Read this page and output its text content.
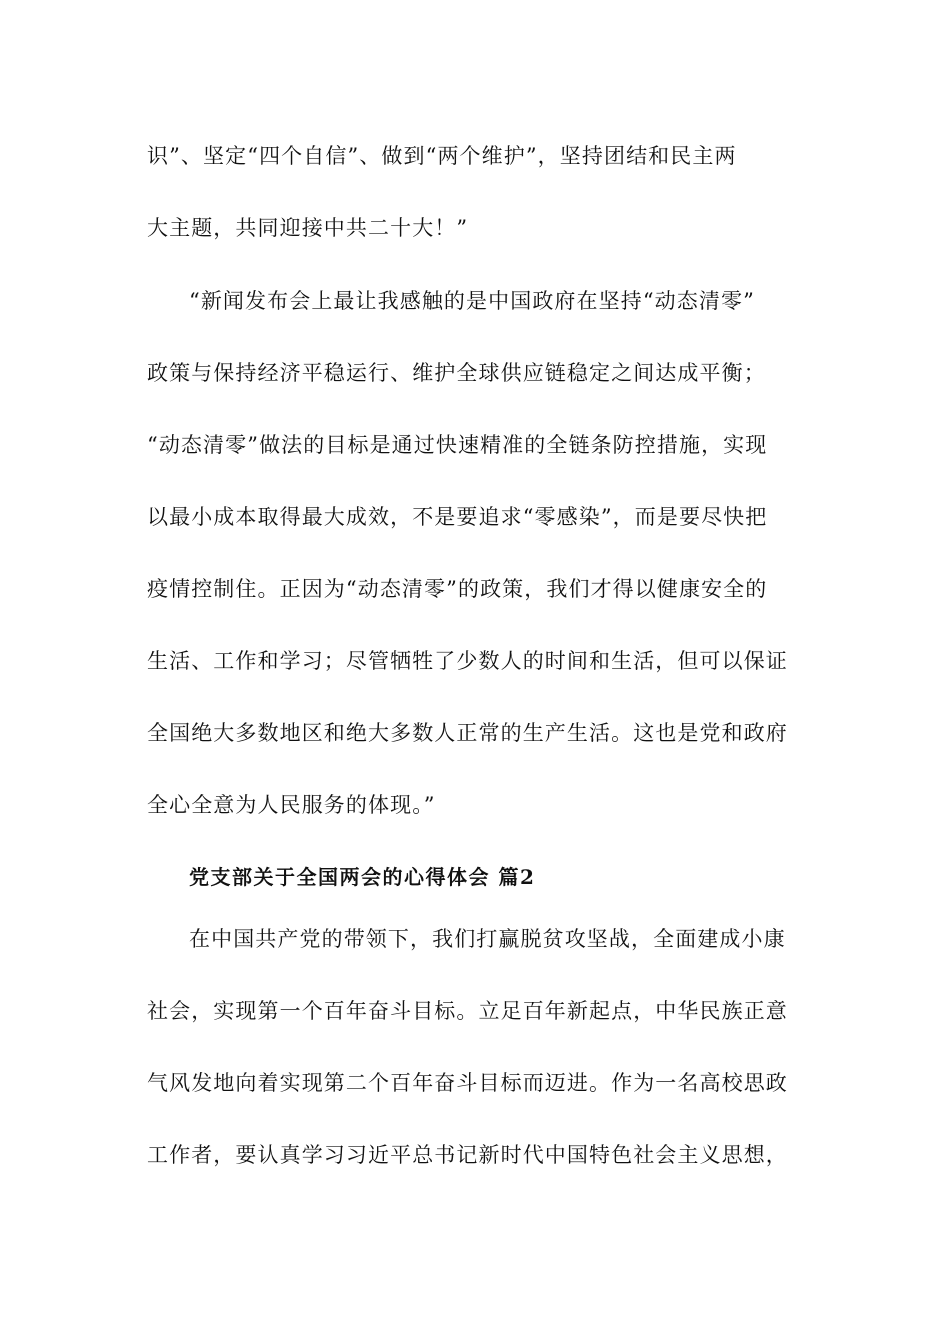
识”、坚定“四个自信”、做到“两个维护”，坚持团结和民主两
大主题，共同迎接中共二十大！”
“新闻发布会上最让我感触的是中国政府在坚持“动态清零”
政策与保持经济平稳运行、维护全球供应链稳定之间达成平衡；
“动态清零”做法的目标是通过快速精准的全链条防控措施，实现
以最小成本取得最大成效，不是要追求“零感染”，而是要尽快把
疫情控制住。正因为“动态清零”的政策，我们才得以健康安全的
生活、工作和学习；尽管牺牲了少数人的时间和生活，但可以保证
全国绝大多数地区和绝大多数人正常的生产生活。这也是党和政府
全心全意为人民服务的体现。”
党支部关于全国两会的心得体会 篇2
在中国共产党的带领下，我们打赢脱贫攻坚战，全面建成小康
社会，实现第一个百年奋斗目标。立足百年新起点，中华民族正意
气风发地向着实现第二个百年奋斗目标而迈进。作为一名高校思政
工作者，要认真学习习近平总书记新时代中国特色社会主义思想，
